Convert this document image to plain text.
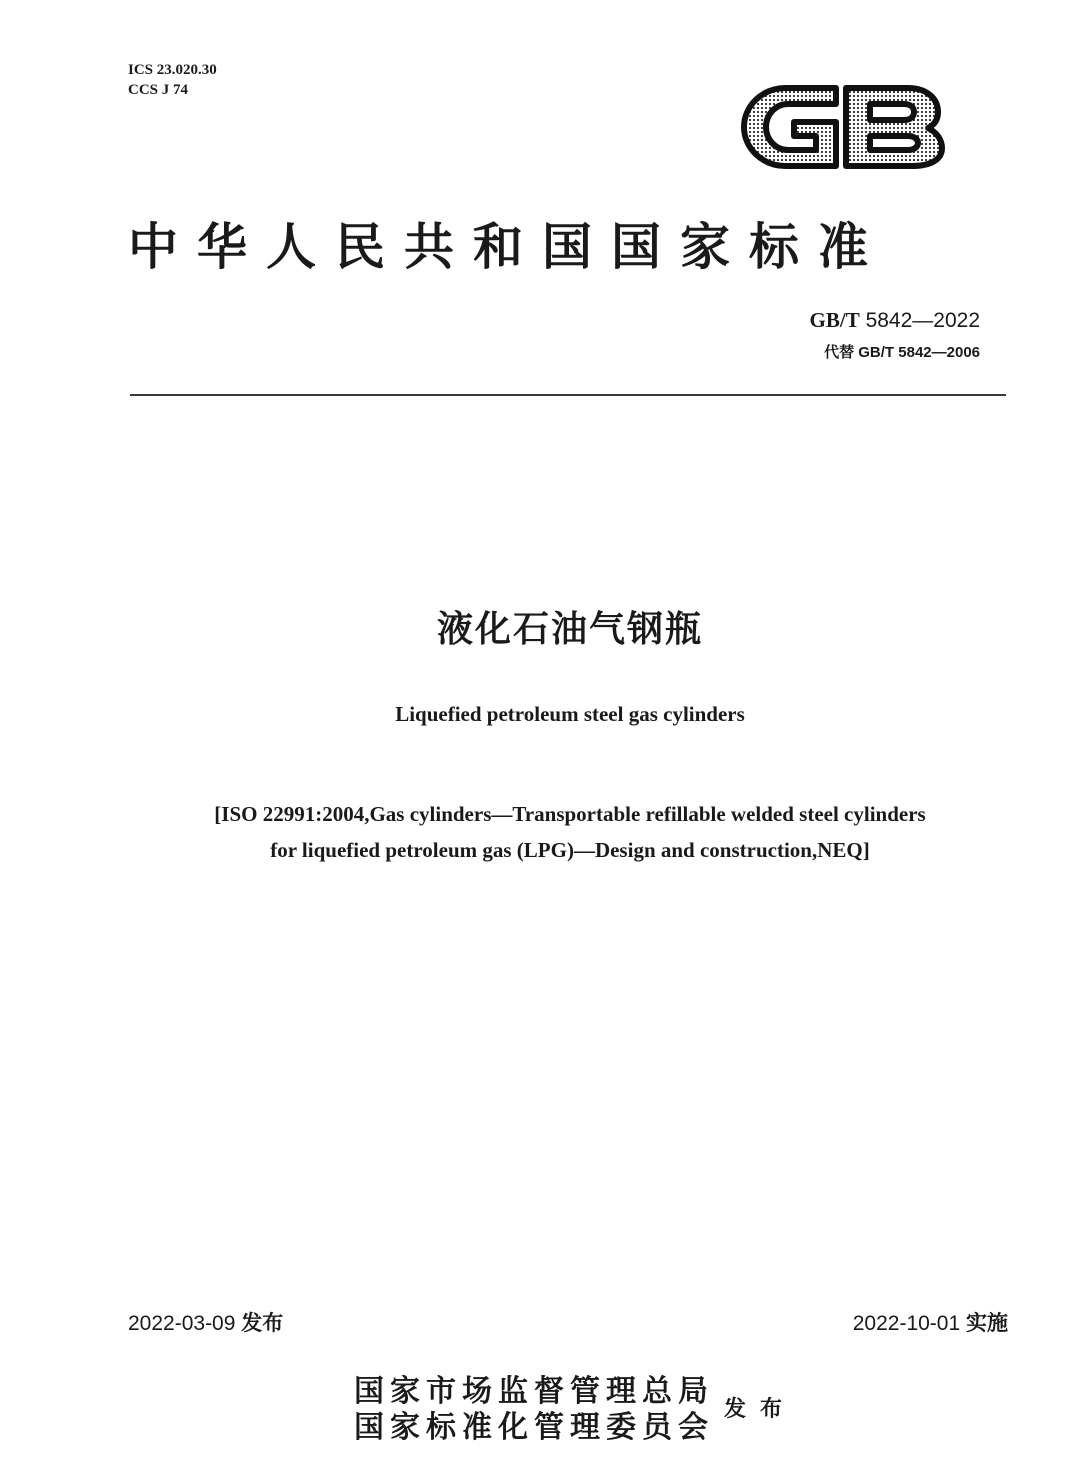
ICS 23.020.30
CCS J 74
中华人民共和国国家标准
GB/T 5842—2022
代替 GB/T 5842—2006
液化石油气钢瓶
Liquefied petroleum steel gas cylinders
[ISO 22991:2004,Gas cylinders—Transportable refillable welded steel cylinders
for liquefied petroleum gas (LPG)—Design and construction,NEQ]
2022-03-09 发布	2022-10-01 实施
国家市场监督管理总局
国家标准化管理委员会
发布
